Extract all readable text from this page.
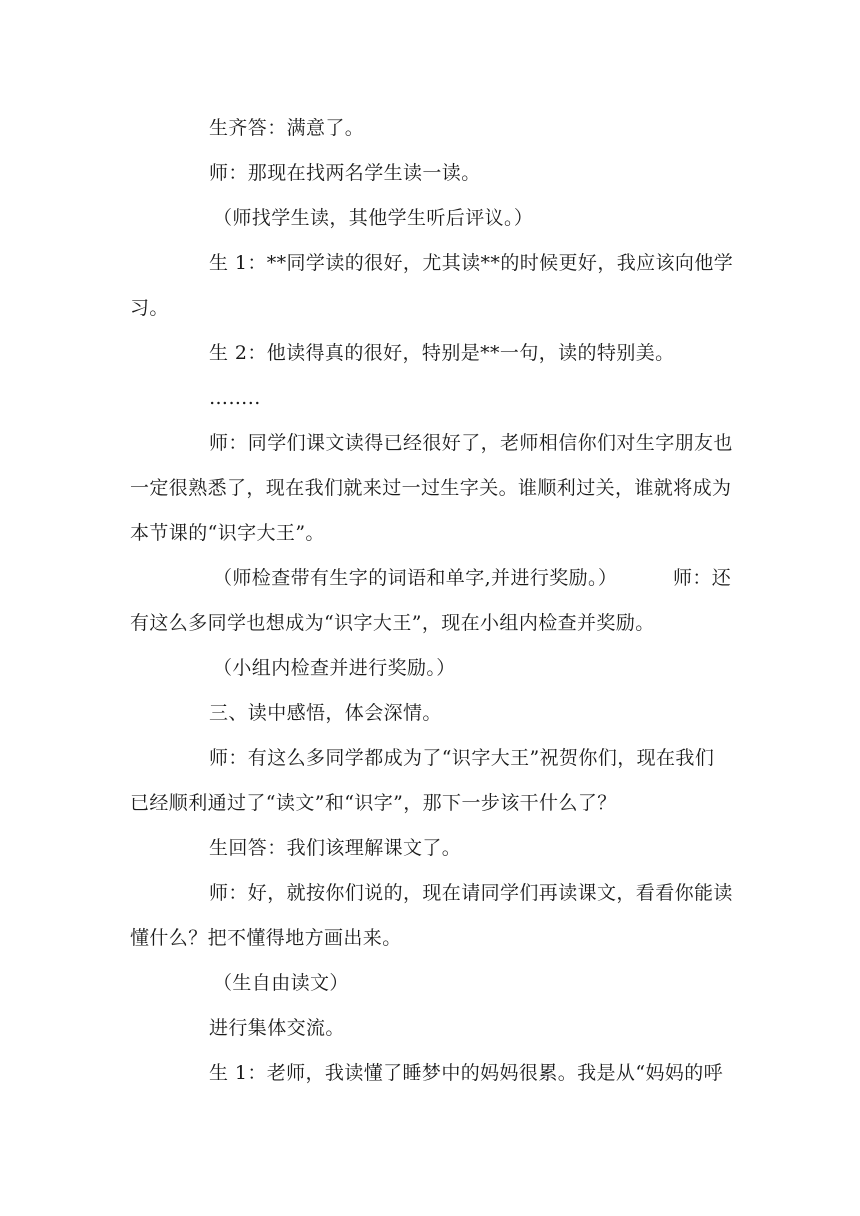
生齐答：满意了。
师：那现在找两名学生读一读。
（师找学生读，其他学生听后评议。）
生 1：**同学读的很好，尤其读**的时候更好，我应该向他学
习。
生 2：他读得真的很好，特别是**一句，读的特别美。
……..
师：同学们课文读得已经很好了，老师相信你们对生字朋友也
一定很熟悉了，现在我们就来过一过生字关。谁顺利过关，谁就将成为
本节课的“识字大王”。
（师检查带有生字的词语和单字,并进行奖励。）	师：还
有这么多同学也想成为“识字大王”，现在小组内检查并奖励。
（小组内检查并进行奖励。）
三、读中感悟，体会深情。
师：有这么多同学都成为了“识字大王”祝贺你们，现在我们
已经顺利通过了“读文”和“识字”，那下一步该干什么了？
生回答：我们该理解课文了。
师：好，就按你们说的，现在请同学们再读课文，看看你能读
懂什么？把不懂得地方画出来。
（生自由读文）
进行集体交流。
生 1：老师，我读懂了睡梦中的妈妈很累。我是从“妈妈的呼
